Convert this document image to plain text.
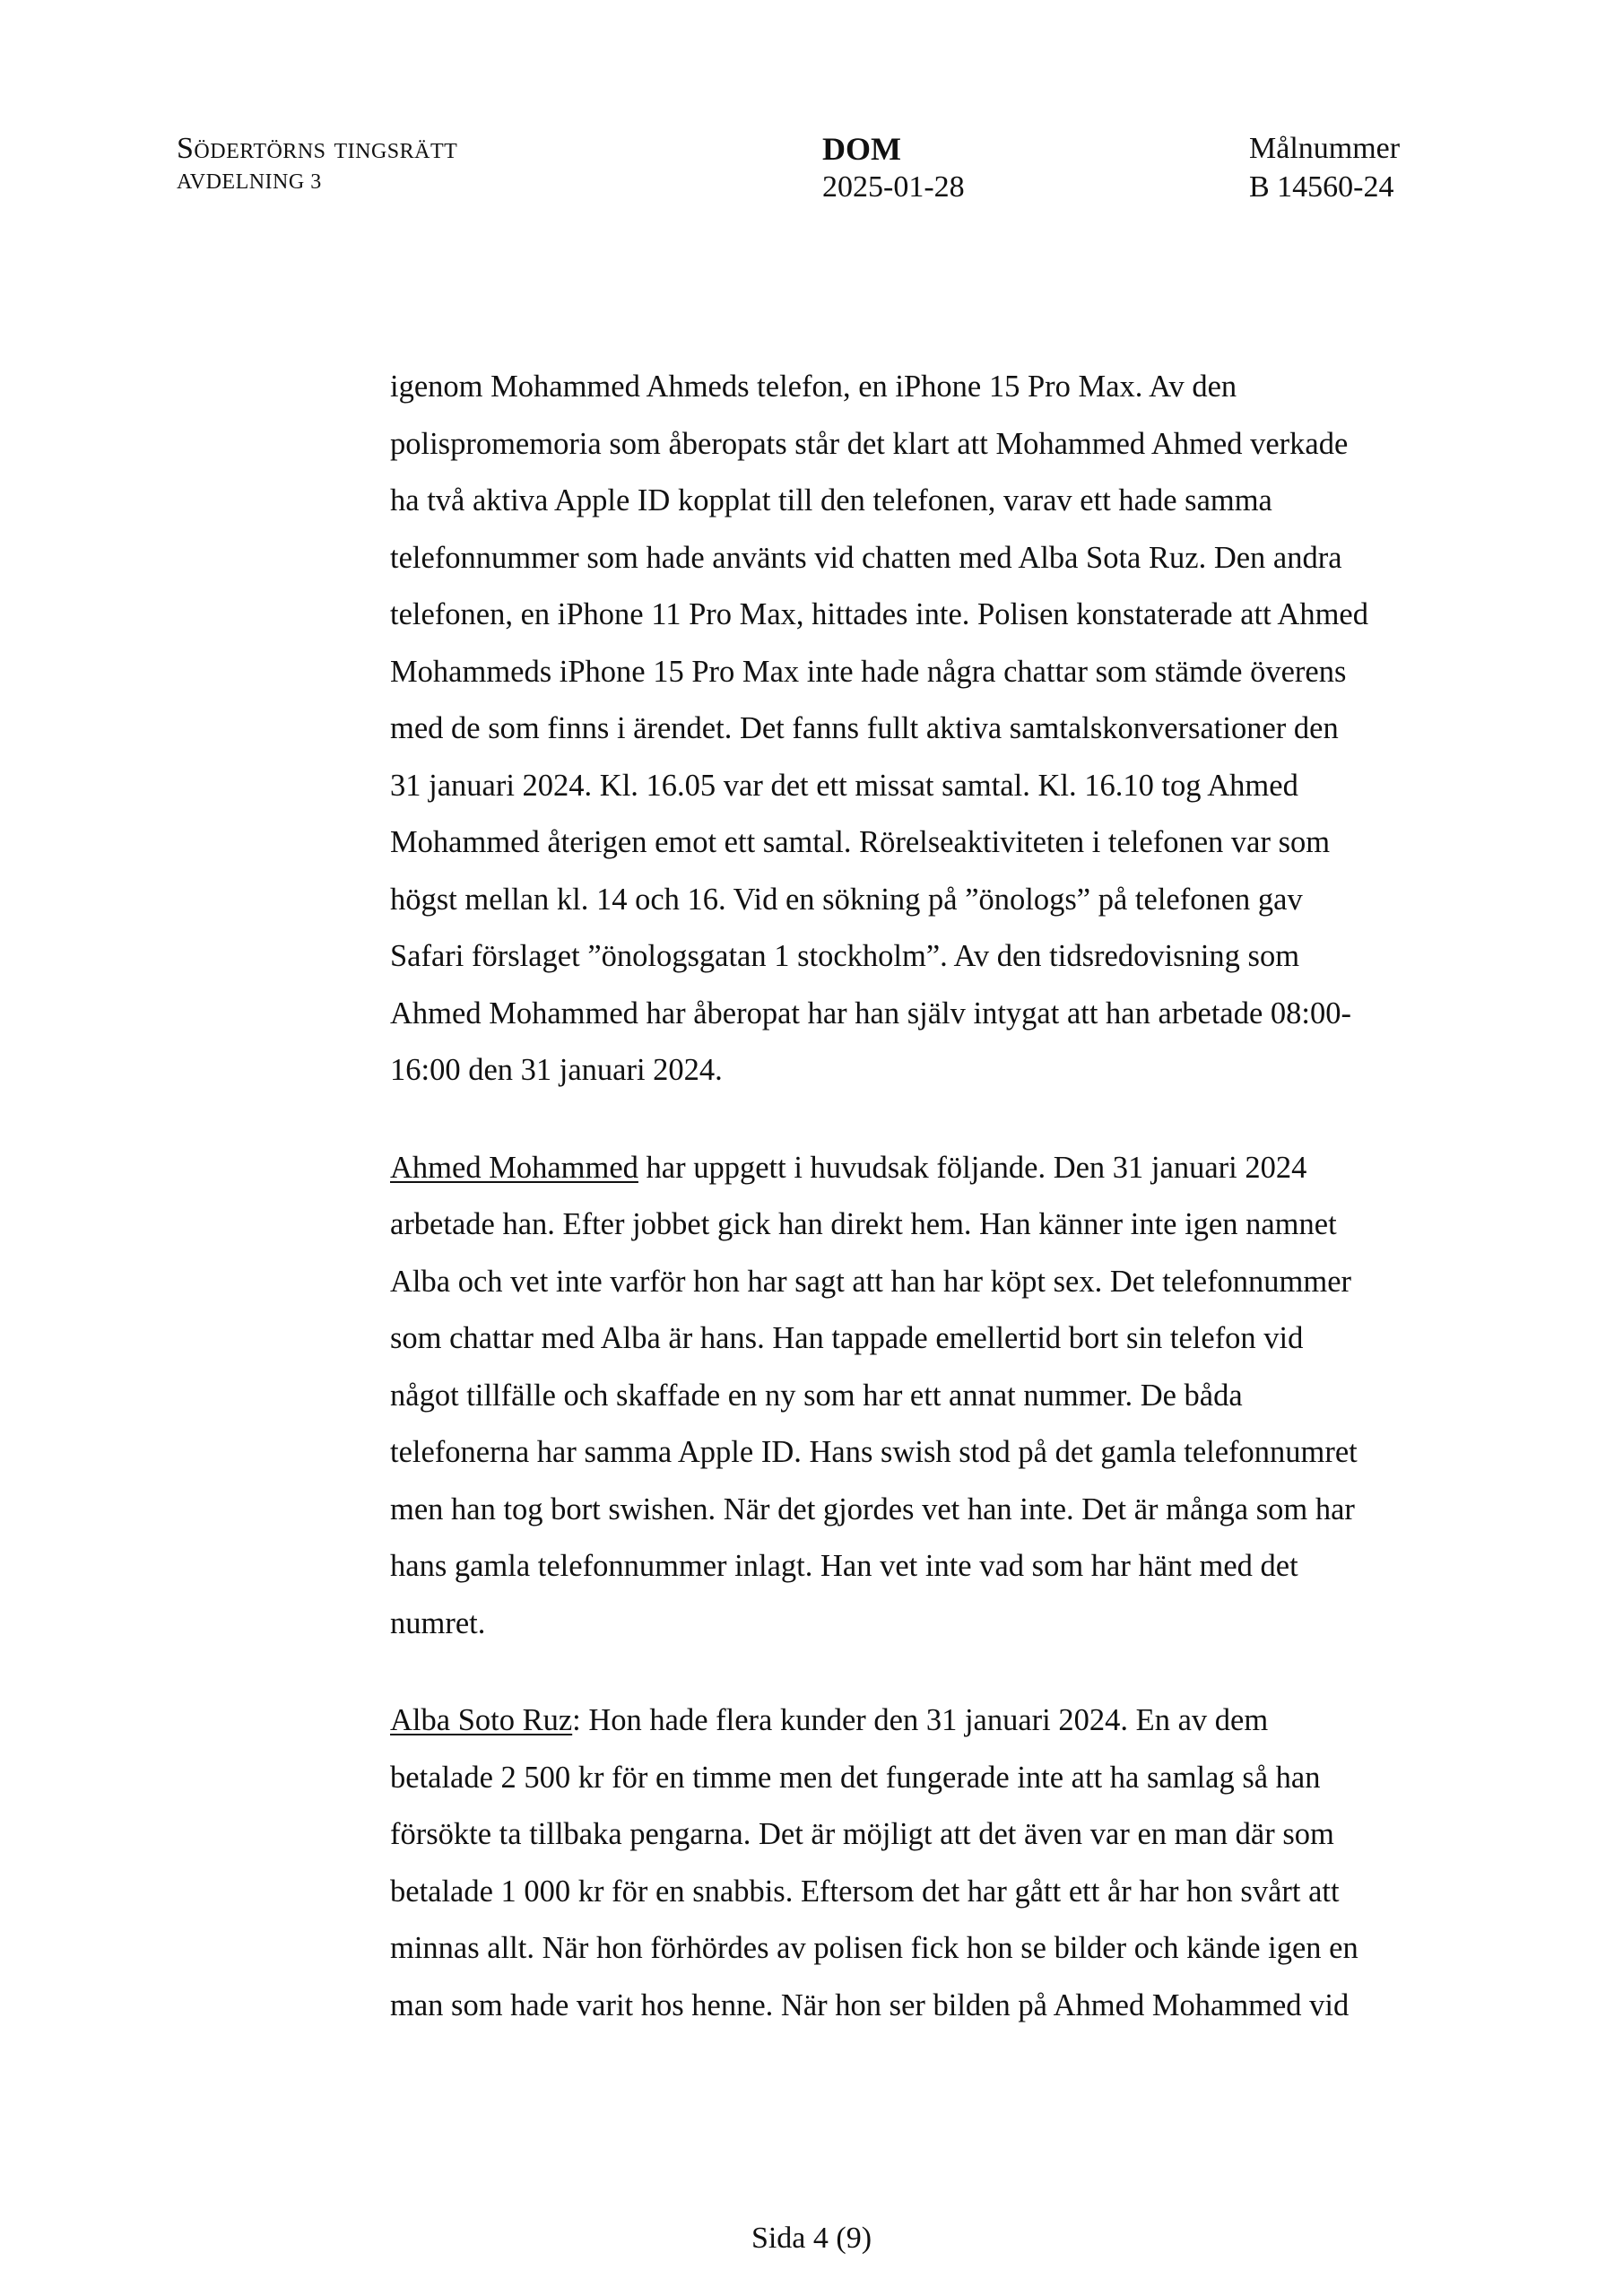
Södertörns tingsrätt
AVDELNING 3
DOM
2025-01-28
Målnummer
B 14560-24
igenom Mohammed Ahmeds telefon, en iPhone 15 Pro Max. Av den
polispromemoria som åberopats står det klart att Mohammed Ahmed verkade
ha två aktiva Apple ID kopplat till den telefonen, varav ett hade samma
telefonnummer som hade använts vid chatten med Alba Sota Ruz. Den andra
telefonen, en iPhone 11 Pro Max, hittades inte. Polisen konstaterade att Ahmed
Mohammeds iPhone 15 Pro Max inte hade några chattar som stämde överens
med de som finns i ärendet. Det fanns fullt aktiva samtalskonversationer den
31 januari 2024. Kl. 16.05 var det ett missat samtal. Kl. 16.10 tog Ahmed
Mohammed återigen emot ett samtal. Rörelseaktiviteten i telefonen var som
högst mellan kl. 14 och 16. Vid en sökning på ”önologs” på telefonen gav
Safari förslaget ”önologsgatan 1 stockholm”. Av den tidsredovisning som
Ahmed Mohammed har åberopat har han själv intygat att han arbetade 08:00-
16:00 den 31 januari 2024.
Ahmed Mohammed har uppgett i huvudsak följande. Den 31 januari 2024
arbetade han. Efter jobbet gick han direkt hem. Han känner inte igen namnet
Alba och vet inte varför hon har sagt att han har köpt sex. Det telefonnummer
som chattar med Alba är hans. Han tappade emellertid bort sin telefon vid
något tillfälle och skaffade en ny som har ett annat nummer. De båda
telefonerna har samma Apple ID. Hans swish stod på det gamla telefonnumret
men han tog bort swishen. När det gjordes vet han inte. Det är många som har
hans gamla telefonnummer inlagt. Han vet inte vad som har hänt med det
numret.
Alba Soto Ruz: Hon hade flera kunder den 31 januari 2024. En av dem
betalade 2 500 kr för en timme men det fungerade inte att ha samlag så han
försökte ta tillbaka pengarna. Det är möjligt att det även var en man där som
betalade 1 000 kr för en snabbis. Eftersom det har gått ett år har hon svårt att
minnas allt. När hon förhördes av polisen fick hon se bilder och kände igen en
man som hade varit hos henne. När hon ser bilden på Ahmed Mohammed vid
Sida 4 (9)
